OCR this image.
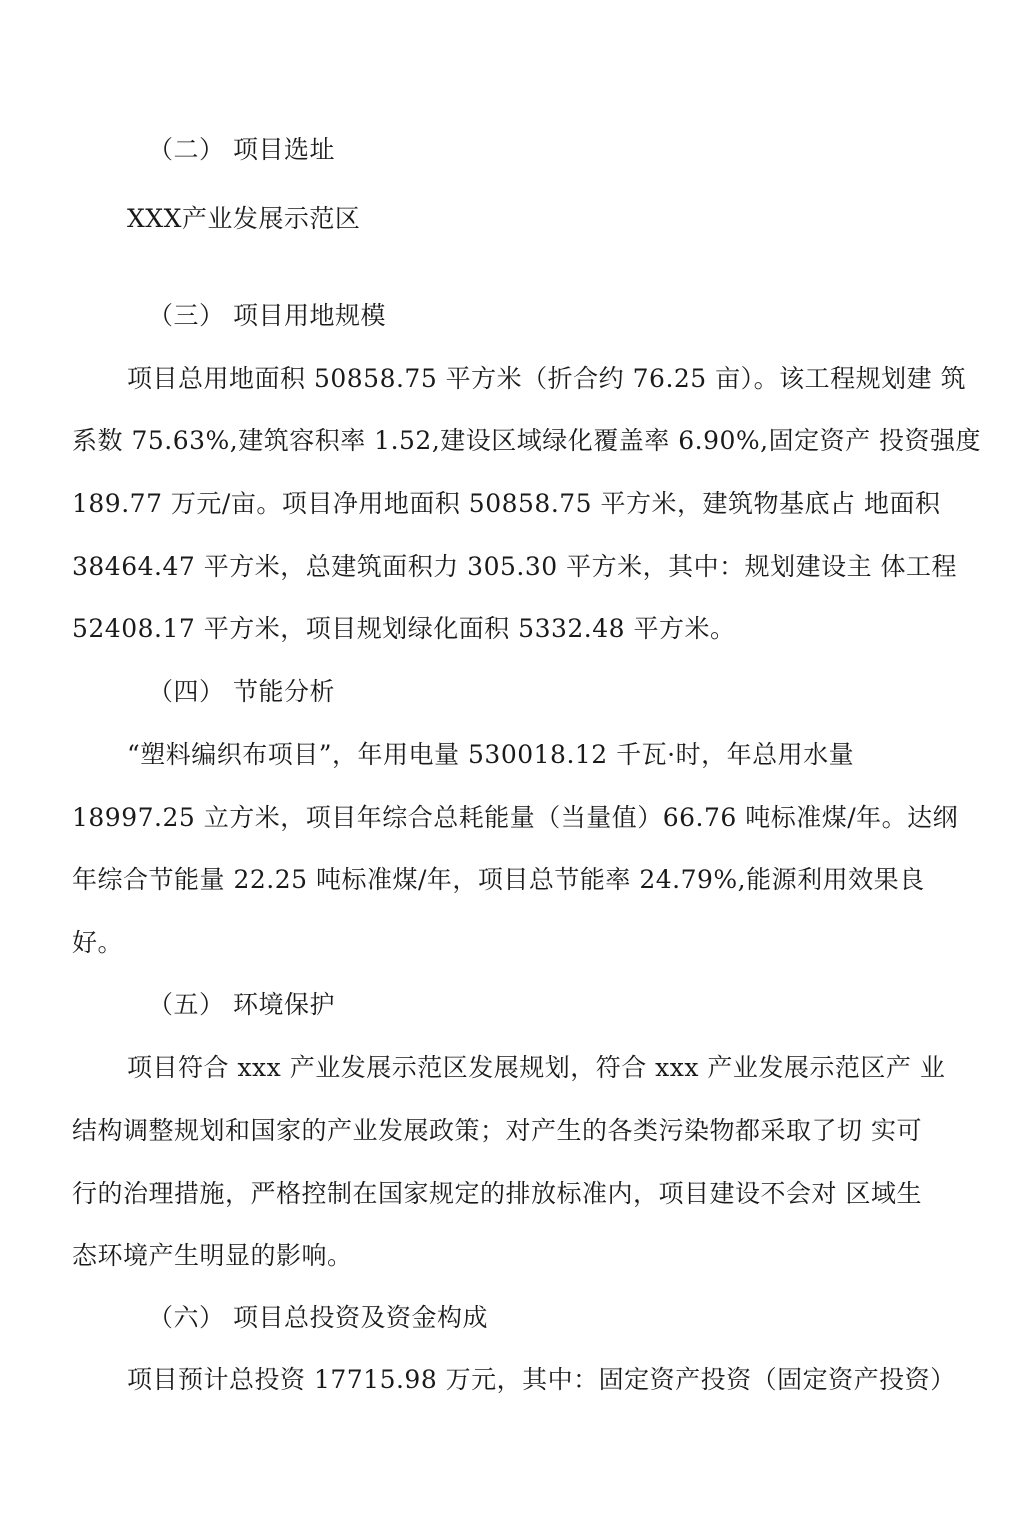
（二） 项目选址
XXX产业发展示范区
（三） 项目用地规模
项目总用地面积 50858.75 平方米（折合约 76.25 亩）。该工程规划建 筑
系数 75.63%,建筑容积率 1.52,建设区域绿化覆盖率 6.90%,固定资产 投资强度
189.77 万元/亩。项目净用地面积 50858.75 平方米，建筑物基底占 地面积
38464.47 平方米，总建筑面积力 305.30 平方米，其中：规划建设主 体工程
52408.17 平方米，项目规划绿化面积 5332.48 平方米。
（四） 节能分析
“塑料编织布项目”，年用电量 530018.12 千瓦·时，年总用水量
18997.25 立方米，项目年综合总耗能量（当量值）66.76 吨标准煤/年。达纲
年综合节能量 22.25 吨标准煤/年，项目总节能率 24.79%,能源利用效果良
好。
（五） 环境保护
项目符合 xxx 产业发展示范区发展规划，符合 xxx 产业发展示范区产 业
结构调整规划和国家的产业发展政策；对产生的各类污染物都采取了切 实可
行的治理措施，严格控制在国家规定的排放标准内，项目建设不会对 区域生
态环境产生明显的影响。
（六） 项目总投资及资金构成
项目预计总投资 17715.98 万元，其中：固定资产投资（固定资产投资）
